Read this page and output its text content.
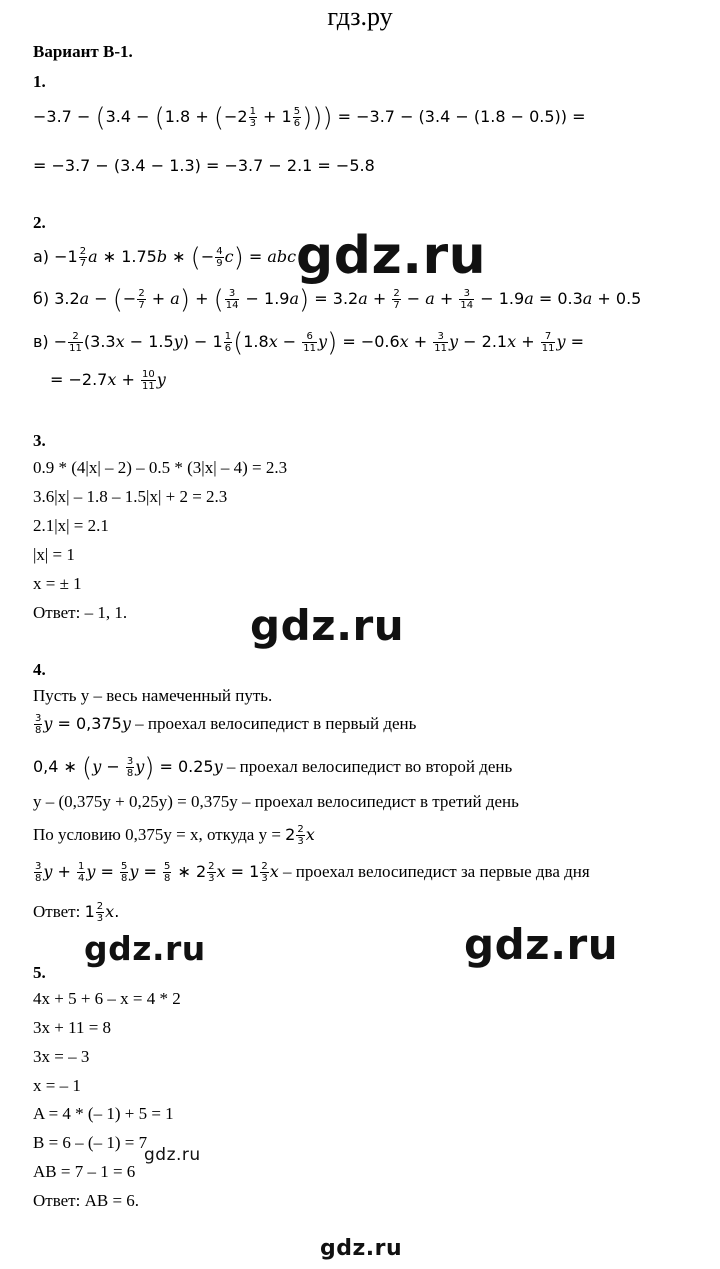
гдз.ру
Вариант В-1.
1.
$-3.7 - (3.4 - (1.8 + (-2 \frac{1}{3} + 1 \frac{5}{6}$ ))) = −3.7 − (3.4 − (1.8 − 0.5)) =
= −3.7 − (3.4 − 1.3) = −3.7 − 2.1 = −5.8
2.
$а) -1 \frac{2}{7}$ a ∗ 1.75b ∗ (− $\frac{4}{9} c$) = abc
б) 3.2a − (− $\frac{2}{7} + a$) + ( $\frac{3}{14} - 1.9a) = 3.2a + \frac{2}{7} - a + \frac{3}{14} - 1.9a = 0.3a + 0.5$
$в) - \frac{2}{11} (3.3x - 1.5y) - 1 \frac{1}{6} (1.8x - \frac{6}{11} y) = -0.6x + \frac{3}{11}$ $y - 2.1x + \frac{7}{11}$ y =
= $-2.7x + \frac{10}{11}$ y
3.
0.9 * (4|x| – 2) – 0.5 * (3|x| – 4) = 2.3
3.6|x| – 1.8 – 1.5|x| + 2 = 2.3
2.1|x| = 2.1
|x| = 1
x = ± 1
Ответ: – 1, 1.
4.
Пусть y – весь намеченный путь.
$\frac{3}{8}$ y = 0,375y – проехал велосипедист в первый день
0,4 ∗ $(y - \frac{3}{8} y) = 0.25y$ – проехал велосипедист во второй день
y – (0,375y + 0,25y) = 0,375y – проехал велосипедист в третий день
По условию 0,375y = x, откуда $y = 2 \frac{2}{3}$ x
$\frac{3}{8}$ $y + \frac{1}{4}$ $y = \frac{5}{8}$ $y = \frac{5}{8}$ ∗ $2 \frac{2}{3}$ $x = 1 \frac{2}{3}$ x – проехал велосипедист за первые два дня
Ответ: $1 \frac{2}{3} x$.
5.
4x + 5 + 6 – x = 4 * 2
3x + 11 = 8
3x = – 3
x = – 1
A = 4 * (– 1) + 5 = 1
B = 6 – (– 1) = 7
AB = 7 – 1 = 6
Ответ: AB = 6.
gdz.ru
gdz.ru
gdz.ru	gdz.ru
gdz.ru
gdz.ru
